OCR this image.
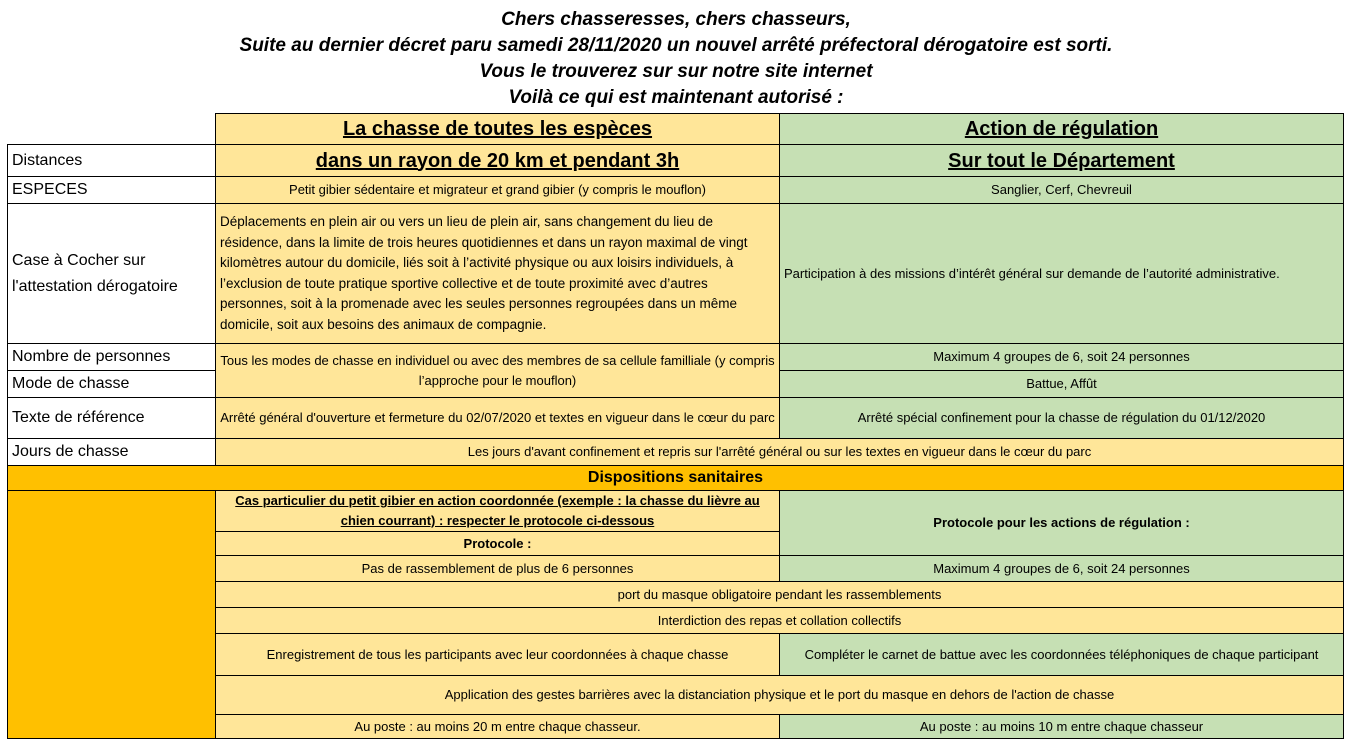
Chers chasseresses, chers chasseurs,
Suite au dernier décret paru samedi 28/11/2020 un nouvel arrêté préfectoral dérogatoire est sorti.
Vous le trouverez sur sur notre site internet
Voilà ce qui est maintenant autorisé :
	La chasse de toutes les espèces	Action de régulation
Distances	dans un rayon de 20 km et pendant 3h	Sur tout le Département
ESPECES	Petit gibier sédentaire et migrateur et grand gibier (y compris le mouflon)	Sanglier, Cerf, Chevreuil
Case à Cocher sur l'attestation dérogatoire	Déplacements en plein air ou vers un lieu de plein air, sans changement du lieu de résidence, dans la limite de trois heures quotidiennes et dans un rayon maximal de vingt kilomètres autour du domicile, liés soit à l’activité physique ou aux loisirs individuels, à l’exclusion de toute pratique sportive collective et de toute proximité avec d’autres personnes, soit à la promenade avec les seules personnes regroupées dans un même domicile, soit aux besoins des animaux de compagnie.	Participation à des missions d’intérêt général sur demande de l’autorité administrative.
Nombre de personnes	Tous les modes de chasse en individuel ou avec des membres de sa cellule familliale (y compris l’approche pour le mouflon)	Maximum 4 groupes de 6, soit 24 personnes
Mode de chasse		Battue, Affût
Texte de référence	Arrêté général d'ouverture et fermeture du 02/07/2020 et textes en vigueur dans le cœur du parc	Arrêté spécial confinement pour la chasse de régulation du 01/12/2020
Jours de chasse	Les jours d'avant confinement et repris sur l'arrêté général ou sur les textes en vigueur dans le cœur du parc	
Dispositions sanitaires		
	Cas particulier du petit gibier en action coordonnée (exemple : la chasse du lièvre au chien courrant) : respecter le protocole ci-dessous	Protocole pour les actions de régulation :
	Protocole :	
	Pas de rassemblement de plus de 6 personnes	Maximum 4 groupes de 6, soit 24 personnes
	port du masque obligatoire pendant les rassemblements	
	Interdiction des repas et collation collectifs	
	Enregistrement de tous les participants avec leur coordonnées à chaque chasse	Compléter le carnet de battue avec les coordonnées téléphoniques de chaque participant
	Application des gestes barrières avec la distanciation physique et le port du masque en dehors de l'action de chasse	
	Au poste : au moins 20 m entre chaque chasseur.	Au poste : au moins 10 m entre chaque chasseur
